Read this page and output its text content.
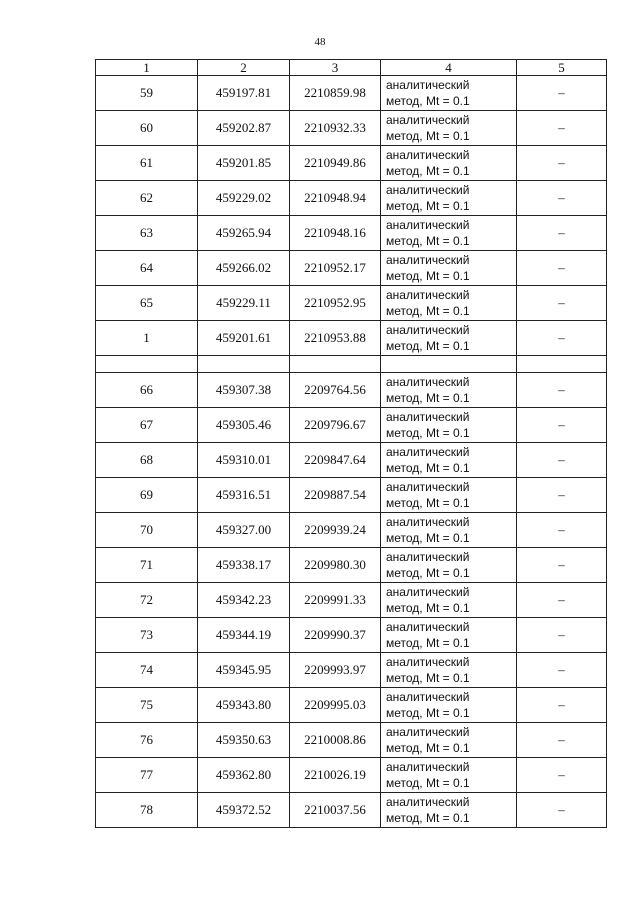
48
1	2	3	4	5
59	459197.81	2210859.98	аналитический
метод, Mt = 0.1	–
60	459202.87	2210932.33	аналитический
метод, Mt = 0.1	–
61	459201.85	2210949.86	аналитический
метод, Mt = 0.1	–
62	459229.02	2210948.94	аналитический
метод, Mt = 0.1	–
63	459265.94	2210948.16	аналитический
метод, Mt = 0.1	–
64	459266.02	2210952.17	аналитический
метод, Mt = 0.1	–
65	459229.11	2210952.95	аналитический
метод, Mt = 0.1	–
1	459201.61	2210953.88	аналитический
метод, Mt = 0.1	–

66	459307.38	2209764.56	аналитический
метод, Mt = 0.1	–
67	459305.46	2209796.67	аналитический
метод, Mt = 0.1	–
68	459310.01	2209847.64	аналитический
метод, Mt = 0.1	–
69	459316.51	2209887.54	аналитический
метод, Mt = 0.1	–
70	459327.00	2209939.24	аналитический
метод, Mt = 0.1	–
71	459338.17	2209980.30	аналитический
метод, Mt = 0.1	–
72	459342.23	2209991.33	аналитический
метод, Mt = 0.1	–
73	459344.19	2209990.37	аналитический
метод, Mt = 0.1	–
74	459345.95	2209993.97	аналитический
метод, Mt = 0.1	–
75	459343.80	2209995.03	аналитический
метод, Mt = 0.1	–
76	459350.63	2210008.86	аналитический
метод, Mt = 0.1	–
77	459362.80	2210026.19	аналитический
метод, Mt = 0.1	–
78	459372.52	2210037.56	аналитический
метод, Mt = 0.1	–
